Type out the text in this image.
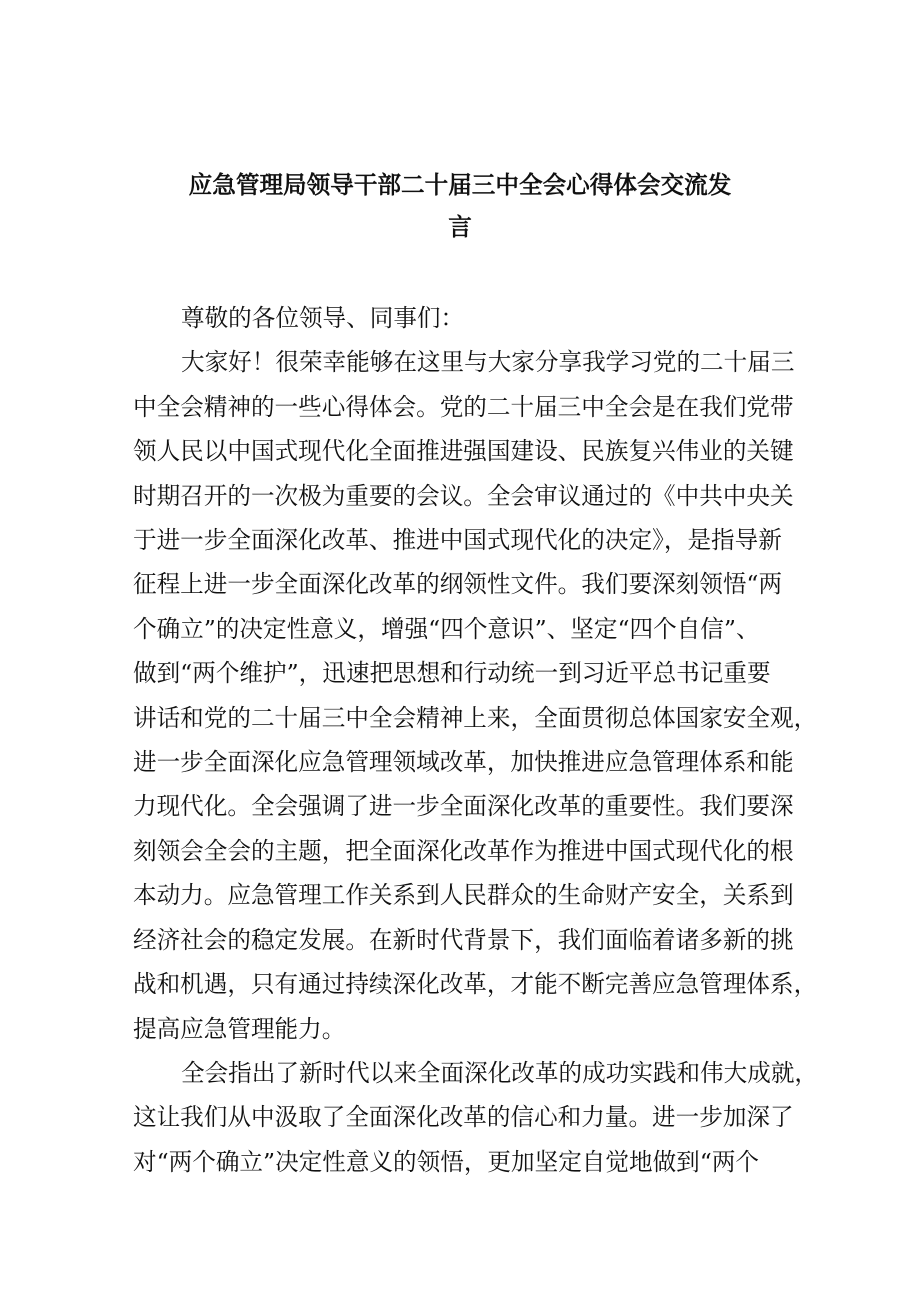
应急管理局领导干部二十届三中全会心得体会交流发
言
尊敬的各位领导、同事们：
大家好！很荣幸能够在这里与大家分享我学习党的二十届三
中全会精神的一些心得体会。党的二十届三中全会是在我们党带
领人民以中国式现代化全面推进强国建设、民族复兴伟业的关键
时期召开的一次极为重要的会议。全会审议通过的《中共中央关
于进一步全面深化改革、推进中国式现代化的决定》，是指导新
征程上进一步全面深化改革的纲领性文件。我们要深刻领悟“两
个确立”的决定性意义，增强“四个意识”、坚定“四个自信”、
做到“两个维护”，迅速把思想和行动统一到习近平总书记重要
讲话和党的二十届三中全会精神上来，全面贯彻总体国家安全观，
进一步全面深化应急管理领域改革，加快推进应急管理体系和能
力现代化。全会强调了进一步全面深化改革的重要性。我们要深
刻领会全会的主题，把全面深化改革作为推进中国式现代化的根
本动力。应急管理工作关系到人民群众的生命财产安全，关系到
经济社会的稳定发展。在新时代背景下，我们面临着诸多新的挑
战和机遇，只有通过持续深化改革，才能不断完善应急管理体系，
提高应急管理能力。
全会指出了新时代以来全面深化改革的成功实践和伟大成就，
这让我们从中汲取了全面深化改革的信心和力量。进一步加深了
对“两个确立”决定性意义的领悟，更加坚定自觉地做到“两个
